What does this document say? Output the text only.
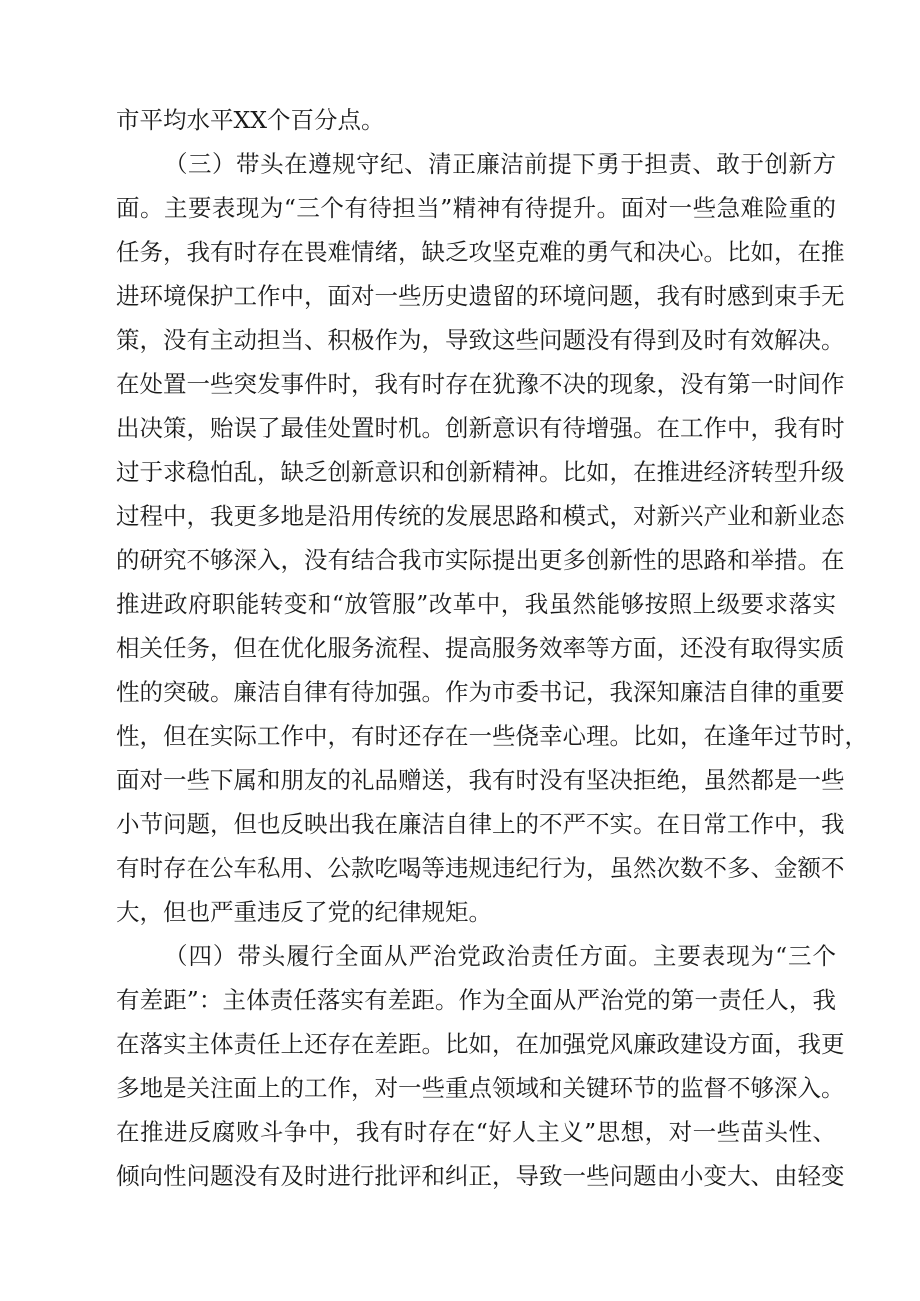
市平均水平XX个百分点。
（三）带头在遵规守纪、清正廉洁前提下勇于担责、敢于创新方
面。主要表现为“三个有待担当”精神有待提升。面对一些急难险重的
任务，我有时存在畏难情绪，缺乏攻坚克难的勇气和决心。比如，在推
进环境保护工作中，面对一些历史遗留的环境问题，我有时感到束手无
策，没有主动担当、积极作为，导致这些问题没有得到及时有效解决。
在处置一些突发事件时，我有时存在犹豫不决的现象，没有第一时间作
出决策，贻误了最佳处置时机。创新意识有待增强。在工作中，我有时
过于求稳怕乱，缺乏创新意识和创新精神。比如，在推进经济转型升级
过程中，我更多地是沿用传统的发展思路和模式，对新兴产业和新业态
的研究不够深入，没有结合我市实际提出更多创新性的思路和举措。在
推进政府职能转变和“放管服”改革中，我虽然能够按照上级要求落实
相关任务，但在优化服务流程、提高服务效率等方面，还没有取得实质
性的突破。廉洁自律有待加强。作为市委书记，我深知廉洁自律的重要
性，但在实际工作中，有时还存在一些侥幸心理。比如，在逢年过节时，
面对一些下属和朋友的礼品赠送，我有时没有坚决拒绝，虽然都是一些
小节问题，但也反映出我在廉洁自律上的不严不实。在日常工作中，我
有时存在公车私用、公款吃喝等违规违纪行为，虽然次数不多、金额不
大，但也严重违反了党的纪律规矩。
（四）带头履行全面从严治党政治责任方面。主要表现为“三个
有差距”：主体责任落实有差距。作为全面从严治党的第一责任人，我
在落实主体责任上还存在差距。比如，在加强党风廉政建设方面，我更
多地是关注面上的工作，对一些重点领域和关键环节的监督不够深入。
在推进反腐败斗争中，我有时存在“好人主义”思想，对一些苗头性、
倾向性问题没有及时进行批评和纠正，导致一些问题由小变大、由轻变
